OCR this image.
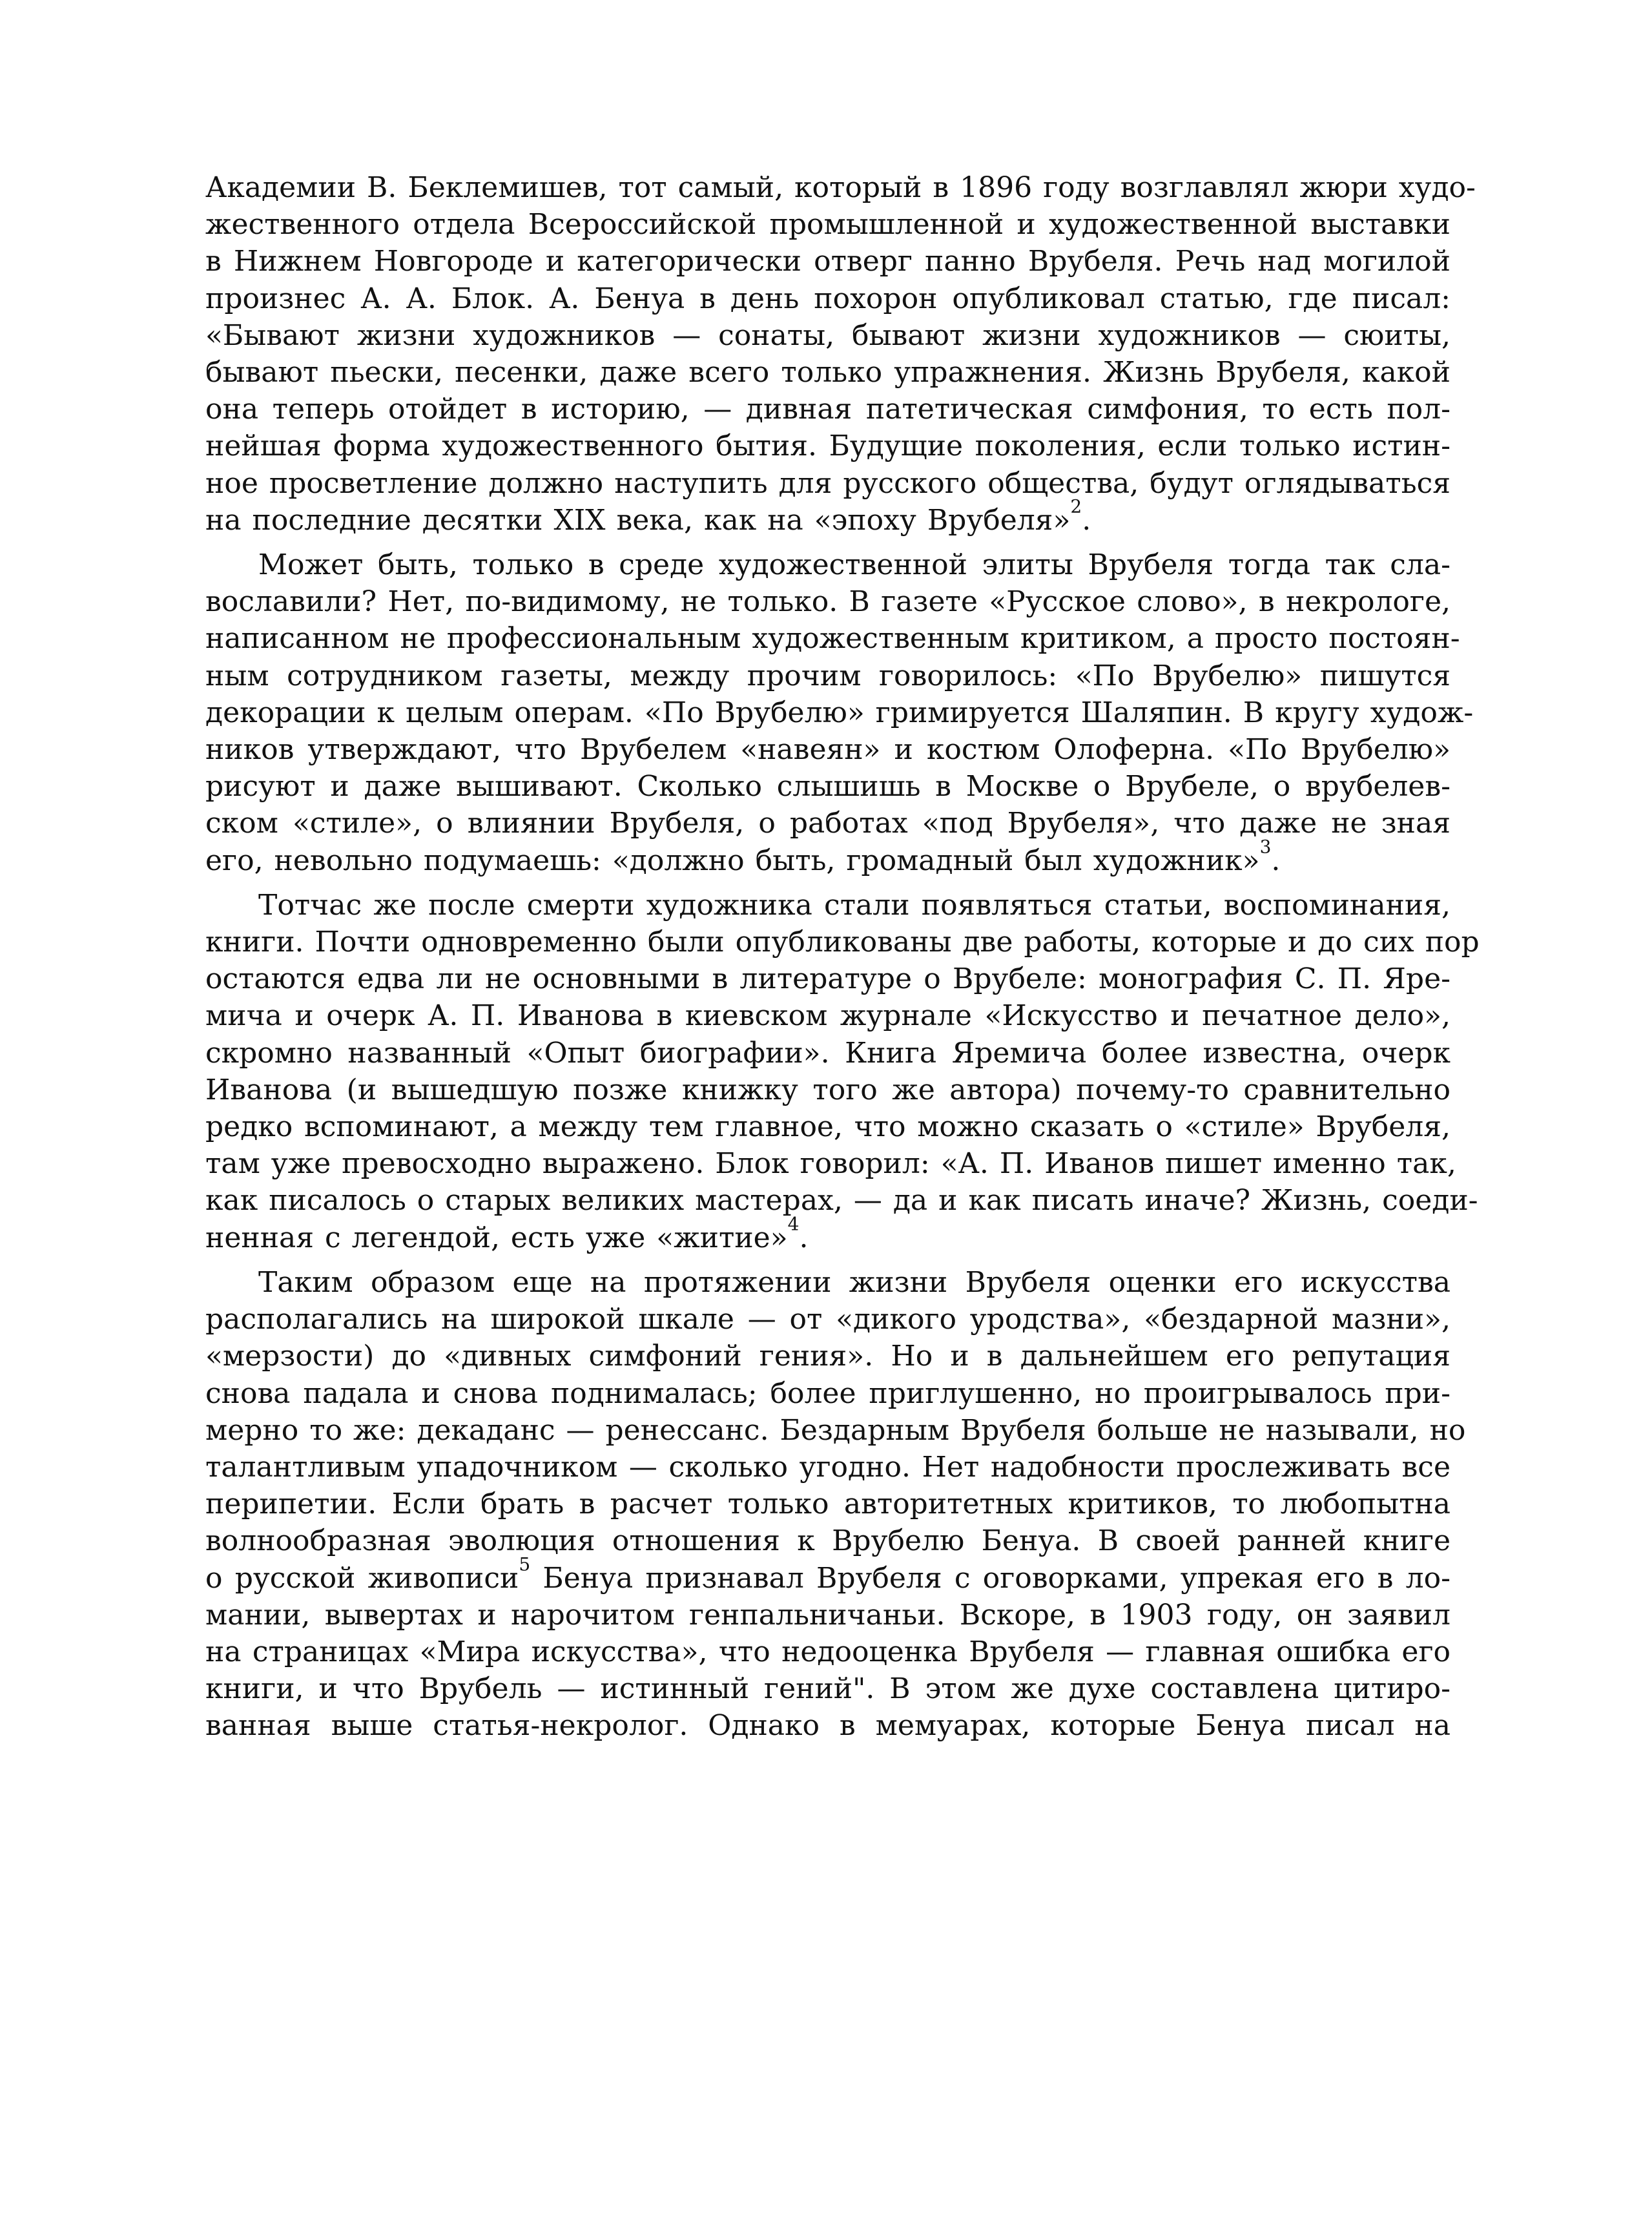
Академии В. Беклемишев, тот самый, который в 1896 году возглавлял жюри худо-
жественного отдела Всероссийской промышленной и художественной выставки
в Нижнем Новгороде и категорически отверг панно Врубеля. Речь над могилой
произнес А. А. Блок. А. Бенуа в день похорон опубликовал статью, где писал:
«Бывают жизни художников — сонаты, бывают жизни художников — сюиты,
бывают пьески, песенки, даже всего только упражнения. Жизнь Врубеля, какой
она теперь отойдет в историю, — дивная патетическая симфония, то есть пол-
нейшая форма художественного бытия. Будущие поколения, если только истин-
ное просветление должно наступить для русского общества, будут оглядываться
на последние десятки XIX века, как на «эпоху Врубеля»$^2$.
Может быть, только в среде художественной элиты Врубеля тогда так сла-
вославили? Нет, по-видимому, не только. В газете «Русское слово», в некрологе,
написанном не профессиональным художественным критиком, а просто постоян-
ным сотрудником газеты, между прочим говорилось: «По Врубелю» пишутся
декорации к целым операм. «По Врубелю» гримируется Шаляпин. В кругу худож-
ников утверждают, что Врубелем «навеян» и костюм Олоферна. «По Врубелю»
рисуют и даже вышивают. Сколько слышишь в Москве о Врубеле, о врубелев-
ском «стиле», о влиянии Врубеля, о работах «под Врубеля», что даже не зная
его, невольно подумаешь: «должно быть, громадный был художник»$^3$.
Тотчас же после смерти художника стали появляться статьи, воспоминания,
книги. Почти одновременно были опубликованы две работы, которые и до сих пор
остаются едва ли не основными в литературе о Врубеле: монография С. П. Яре-
мича и очерк А. П. Иванова в киевском журнале «Искусство и печатное дело»,
скромно названный «Опыт биографии». Книга Яремича более известна, очерк
Иванова (и вышедшую позже книжку того же автора) почему-то сравнительно
редко вспоминают, а между тем главное, что можно сказать о «стиле» Врубеля,
там уже превосходно выражено. Блок говорил: «А. П. Иванов пишет именно так,
как писалось о старых великих мастерах, — да и как писать иначе? Жизнь, соеди-
ненная с легендой, есть уже «житие»$^4$.
Таким образом еще на протяжении жизни Врубеля оценки его искусства
располагались на широкой шкале — от «дикого уродства», «бездарной мазни»,
«мерзости) до «дивных симфоний гения». Но и в дальнейшем его репутация
снова падала и снова поднималась; более приглушенно, но проигрывалось при-
мерно то же: декаданс — ренессанс. Бездарным Врубеля больше не называли, но
талантливым упадочником — сколько угодно. Нет надобности прослеживать все
перипетии. Если брать в расчет только авторитетных критиков, то любопытна
волнообразная эволюция отношения к Врубелю Бенуа. В своей ранней книге
о русской живописи$^5$ Бенуа признавал Врубеля с оговорками, упрекая его в ло-
мании, вывертах и нарочитом генпальничаньи. Вскоре, в 1903 году, он заявил
на страницах «Мира искусства», что недооценка Врубеля — главная ошибка его
книги, и что Врубель — истинный гений". В этом же духе составлена цитиро-
ванная выше статья-некролог. Однако в мемуарах, которые Бенуа писал на
